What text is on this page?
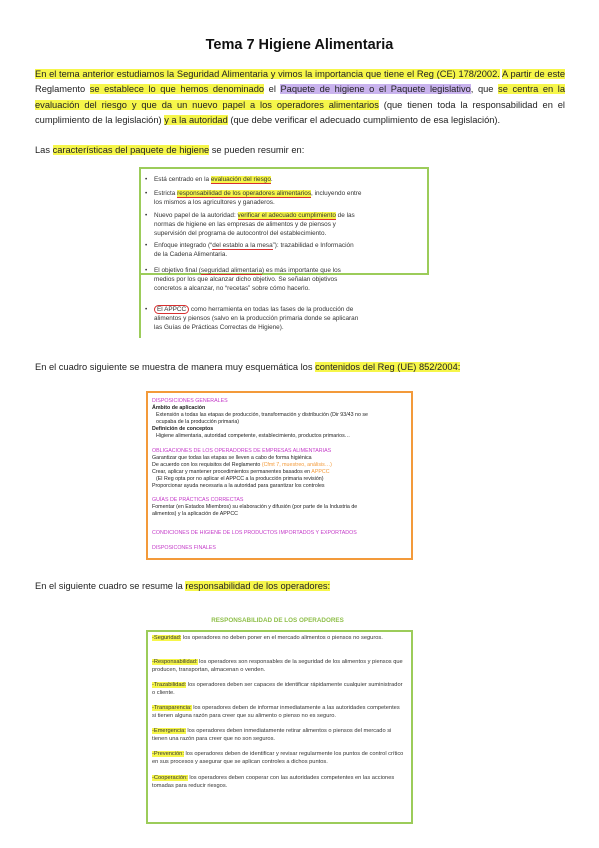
Tema 7 Higiene Alimentaria
En el tema anterior estudiamos la Seguridad Alimentaria y vimos la importancia que tiene el Reg (CE) 178/2002. A partir de este Reglamento se establece lo que hemos denominado el Paquete de higiene o el Paquete legislativo, que se centra en la evaluación del riesgo y que da un nuevo papel a los operadores alimentarios (que tienen toda la responsabilidad en el cumplimiento de la legislación) y a la autoridad (que debe verificar el adecuado cumplimiento de esa legislación).
Las características del paquete de higiene se pueden resumir en:
• Está centrado en la evaluación del riesgo.
• Estricta responsabilidad de los operadores alimentarios, incluyendo entre
los mismos a los agricultores y ganaderos.
• Nuevo papel de la autoridad: verificar el adecuado cumplimiento de las
normas de higiene en las empresas de alimentos y de piensos y
supervisión del programa de autocontrol del establecimiento.
• Enfoque integrado (“del establo a la mesa”): trazabilidad e Información
de la Cadena Alimentaria.
• El objetivo final (seguridad alimentaria) es más importante que los
medios por los que alcanzar dicho objetivo. Se señalan objetivos
concretos a alcanzar, no “recetas” sobre cómo hacerlo.
• El APPCC como herramienta en todas las fases de la producción de
alimentos y piensos (salvo en la producción primaria donde se aplicaran
las Guías de Prácticas Correctas de Higiene).
En el cuadro siguiente se muestra de manera muy esquemática los contenidos del Reg (UE) 852/2004:
DISPOSICIONES GENERALES
Ámbito de aplicación
Extensión a todas las etapas de producción, transformación y distribución (Dir 93/43 no se
ocupaba de la producción primaria)
Definición de conceptos
Higiene alimentaria, autoridad competente, establecimiento, productos primarios…
OBLIGACIONES DE LOS OPERADORES DE EMPRESAS ALIMENTARIAS
Garantizar que todas las etapas se lleven a cabo de forma higiénica
De acuerdo con los requisitos del Reglamento (Cfmt 7, muestreo, análisis…)
Crear, aplicar y mantener procedimientos permanentes basados en APPCC
(El Reg opta por no aplicar el APPCC a la producción primaria revisión)
Proporcionar ayuda necesaria a la autoridad para garantizar los controles
GUÍAS DE PRÁCTICAS CORRECTAS
Fomentar (en Estados Miembros) su elaboración y difusión (por parte de la Industria de
alimentos) y la aplicación de APPCC
CONDICIONES DE HIGIENE DE LOS PRODUCTOS IMPORTADOS Y EXPORTADOS
DISPOSICONES FINALES
En el siguiente cuadro se resume la responsabilidad de los operadores:
RESPONSABILIDAD DE LOS OPERADORES
-Seguridad: los operadores no deben poner en el mercado alimentos o piensos no seguros.
-Responsabilidad: los operadores son responsables de la seguridad de los alimentos y piensos que producen, transportan, almacenan o venden.
-Trazabilidad: los operadores deben ser capaces de identificar rápidamente cualquier suministrador o cliente.
-Transparencia: los operadores deben de informar inmediatamente a las autoridades competentes si tienen alguna razón para creer que su alimento o pienso no es seguro.
-Emergencia: los operadores deben inmediatamente retirar alimentos o piensos del mercado si tienen una razón para creer que no son seguros.
-Prevención: los operadores deben de identificar y revisar regularmente los puntos de control crítico en sus procesos y asegurar que se aplican controles a dichos puntos.
-Cooperación: los operadores deben cooperar con las autoridades competentes en las acciones tomadas para reducir riesgos.
